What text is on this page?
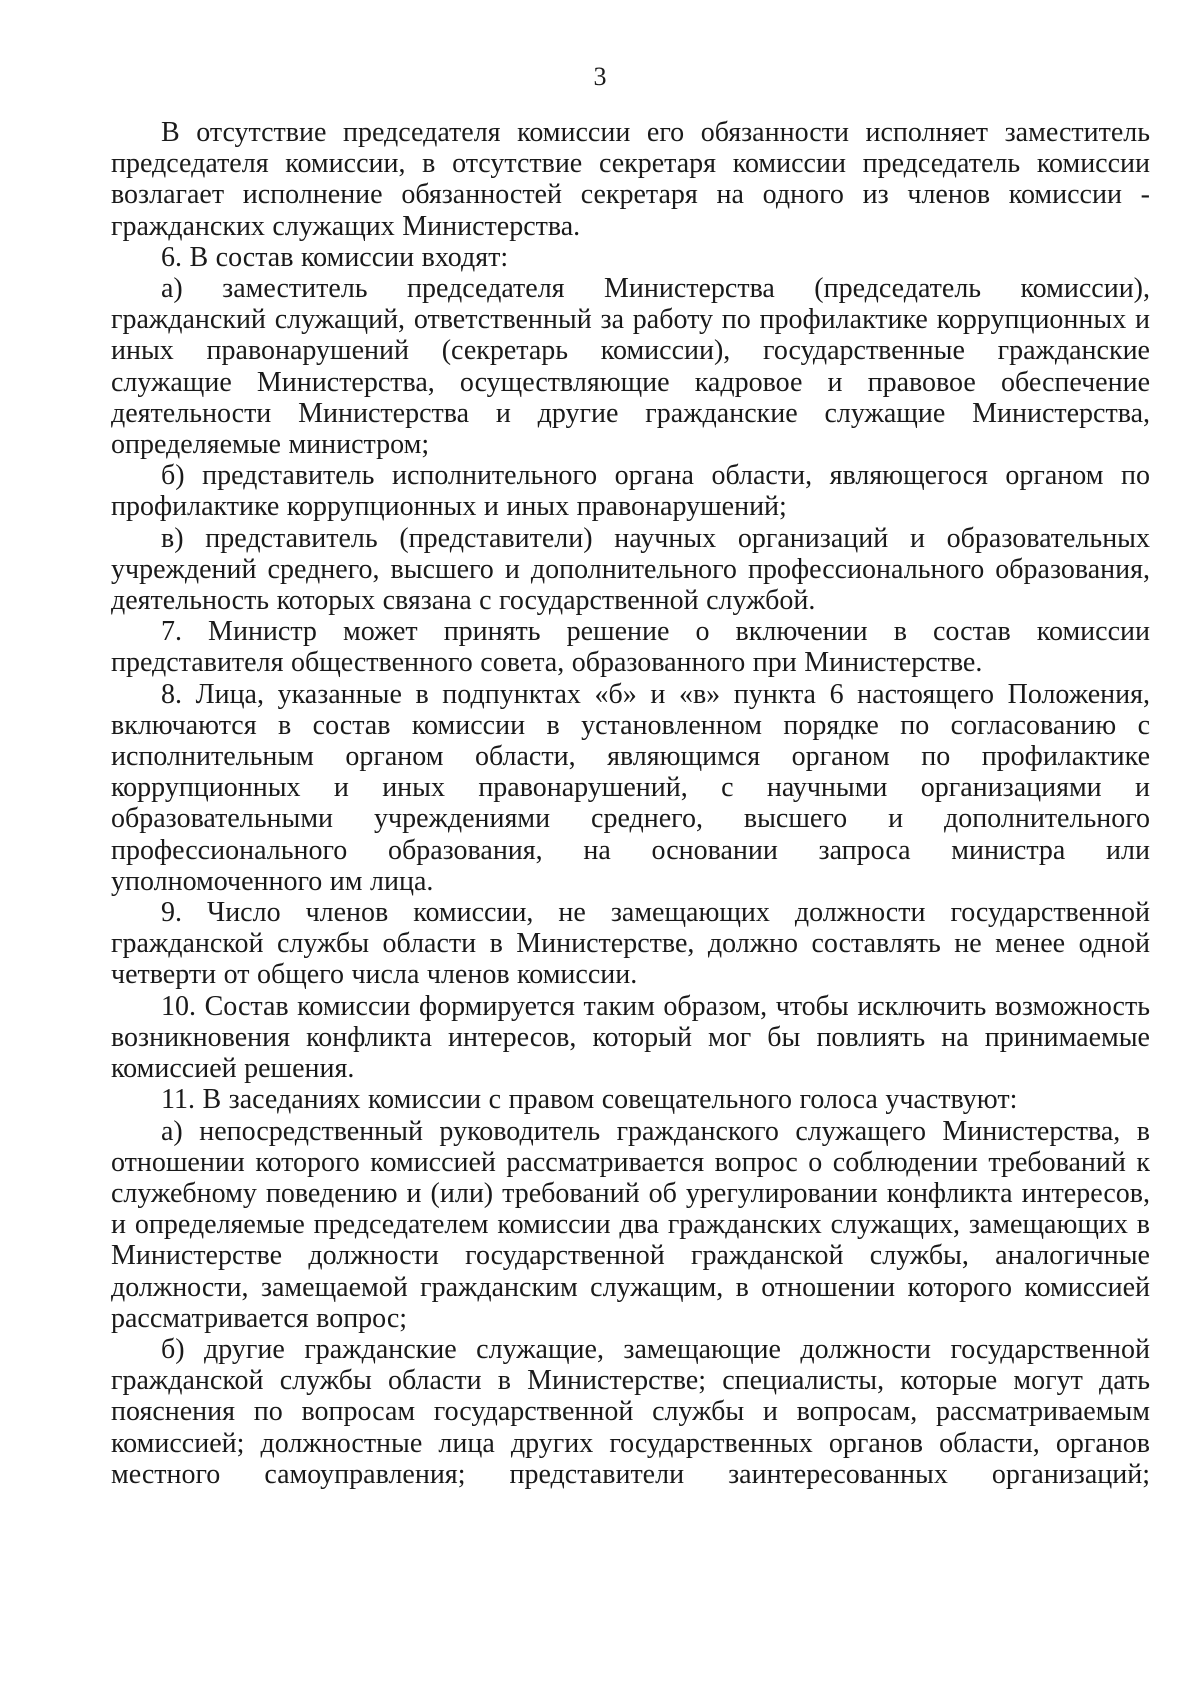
3

В отсутствие председателя комиссии его обязанности исполняет заместитель председателя комиссии, в отсутствие секретаря комиссии председатель комиссии возлагает исполнение обязанностей секретаря на одного из членов комиссии - гражданских служащих Министерства.

6. В состав комиссии входят:

а) заместитель председателя Министерства (председатель комиссии), гражданский служащий, ответственный за работу по профилактике коррупционных и иных правонарушений (секретарь комиссии), государственные гражданские служащие Министерства, осуществляющие кадровое и правовое обеспечение деятельности Министерства и другие гражданские служащие Министерства, определяемые министром;

б) представитель исполнительного органа области, являющегося органом по профилактике коррупционных и иных правонарушений;

в) представитель (представители) научных организаций и образовательных учреждений среднего, высшего и дополнительного профессионального образования, деятельность которых связана с государственной службой.

7. Министр может принять решение о включении в состав комиссии представителя общественного совета, образованного при Министерстве.

8. Лица, указанные в подпунктах «б» и «в» пункта 6 настоящего Положения, включаются в состав комиссии в установленном порядке по согласованию с исполнительным органом области, являющимся органом по профилактике коррупционных и иных правонарушений, с научными организациями и образовательными учреждениями среднего, высшего и дополнительного профессионального образования, на основании запроса министра или уполномоченного им лица.

9. Число членов комиссии, не замещающих должности государственной гражданской службы области в Министерстве, должно составлять не менее одной четверти от общего числа членов комиссии.

10. Состав комиссии формируется таким образом, чтобы исключить возможность возникновения конфликта интересов, который мог бы повлиять на принимаемые комиссией решения.

11. В заседаниях комиссии с правом совещательного голоса участвуют:

а) непосредственный руководитель гражданского служащего Министерства, в отношении которого комиссией рассматривается вопрос о соблюдении требований к служебному поведению и (или) требований об урегулировании конфликта интересов, и определяемые председателем комиссии два гражданских служащих, замещающих в Министерстве должности государственной гражданской службы, аналогичные должности, замещаемой гражданским служащим, в отношении которого комиссией рассматривается вопрос;

б) другие гражданские служащие, замещающие должности государственной гражданской службы области в Министерстве; специалисты, которые могут дать пояснения по вопросам государственной службы и вопросам, рассматриваемым комиссией; должностные лица других государственных органов области, органов местного самоуправления; представители заинтересованных организаций;
